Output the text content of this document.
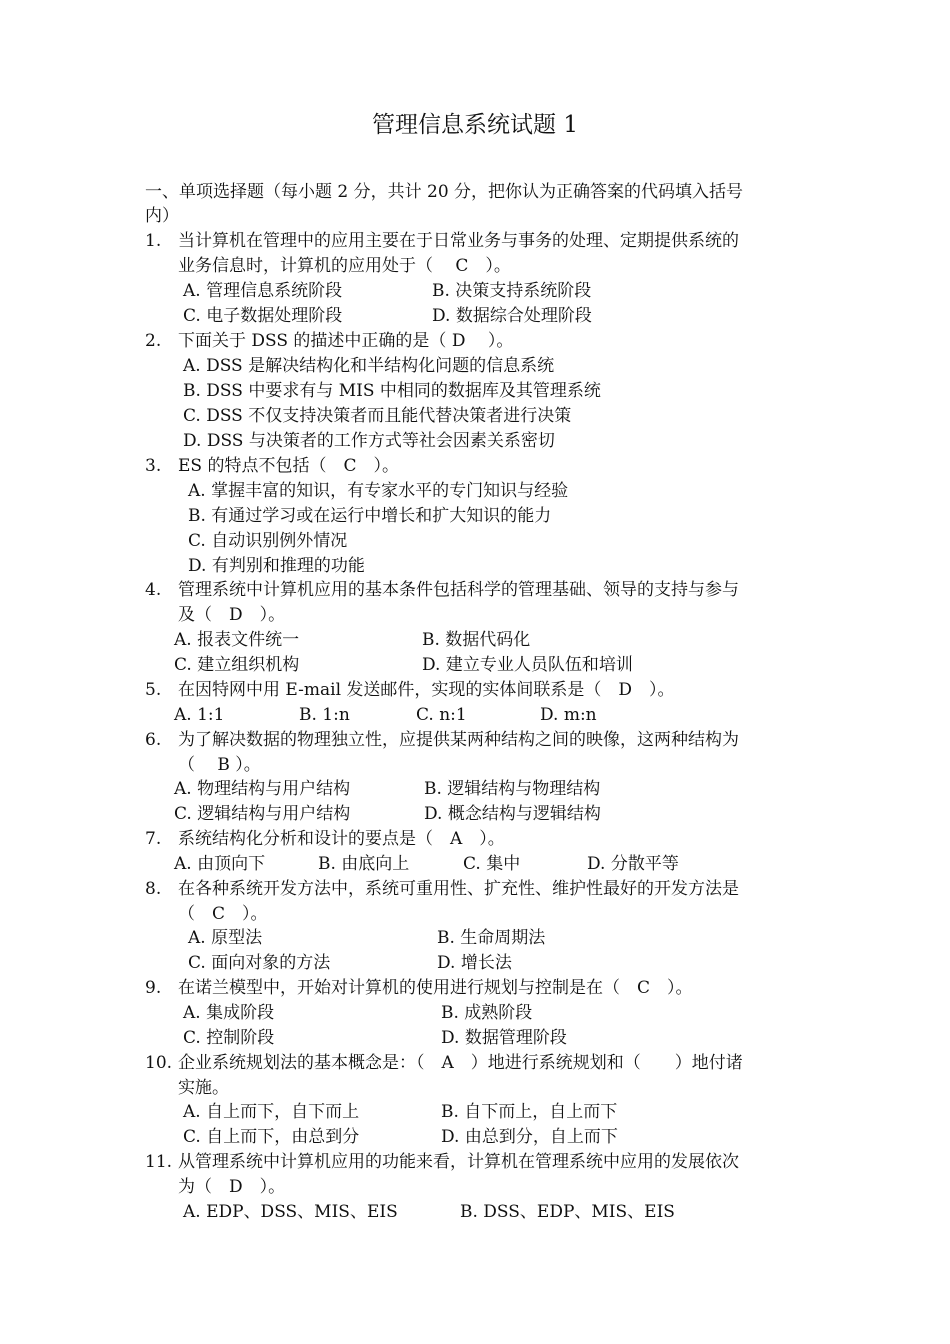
管理信息系统试题 1
一、单项选择题（每小题 2 分，共计 20 分，把你认为正确答案的代码填入括号
内）
1. 当计算机在管理中的应用主要在于日常业务与事务的处理、定期提供系统的
业务信息时，计算机的应用处于（　 C　）。
A. 管理信息系统阶段	B. 决策支持系统阶段
C. 电子数据处理阶段	D. 数据综合处理阶段
2. 下面关于 DSS 的描述中正确的是（ D　 ）。
A. DSS 是解决结构化和半结构化问题的信息系统
B. DSS 中要求有与 MIS 中相同的数据库及其管理系统
C. DSS 不仅支持决策者而且能代替决策者进行决策
D. DSS 与决策者的工作方式等社会因素关系密切
3. ES 的特点不包括（　C　）。
A. 掌握丰富的知识，有专家水平的专门知识与经验
B. 有通过学习或在运行中增长和扩大知识的能力
C. 自动识别例外情况
D. 有判别和推理的功能
4. 管理系统中计算机应用的基本条件包括科学的管理基础、领导的支持与参与
及（　D　）。
A. 报表文件统一	B. 数据代码化
C. 建立组织机构	D. 建立专业人员队伍和培训
5. 在因特网中用 E-mail 发送邮件，实现的实体间联系是（　D　）。
A. 1:1	B. 1:n	C. n:1	D. m:n
6. 为了解决数据的物理独立性，应提供某两种结构之间的映像，这两种结构为
（　 B ）。
A. 物理结构与用户结构	B. 逻辑结构与物理结构
C. 逻辑结构与用户结构	D. 概念结构与逻辑结构
7. 系统结构化分析和设计的要点是（　A　）。
A. 由顶向下	B. 由底向上	C. 集中	D. 分散平等
8. 在各种系统开发方法中，系统可重用性、扩充性、维护性最好的开发方法是
（　C　）。
A. 原型法	B. 生命周期法
C. 面向对象的方法	D. 增长法
9. 在诺兰模型中，开始对计算机的使用进行规划与控制是在（　C　）。
A. 集成阶段	B. 成熟阶段
C. 控制阶段	D. 数据管理阶段
10. 企业系统规划法的基本概念是：（　A　）地进行系统规划和（　　）地付诸
实施。
A. 自上而下，自下而上	B. 自下而上，自上而下
C. 自上而下，由总到分	D. 由总到分，自上而下
11. 从管理系统中计算机应用的功能来看，计算机在管理系统中应用的发展依次
为（　D　）。
A. EDP、DSS、MIS、EIS	B. DSS、EDP、MIS、EIS
